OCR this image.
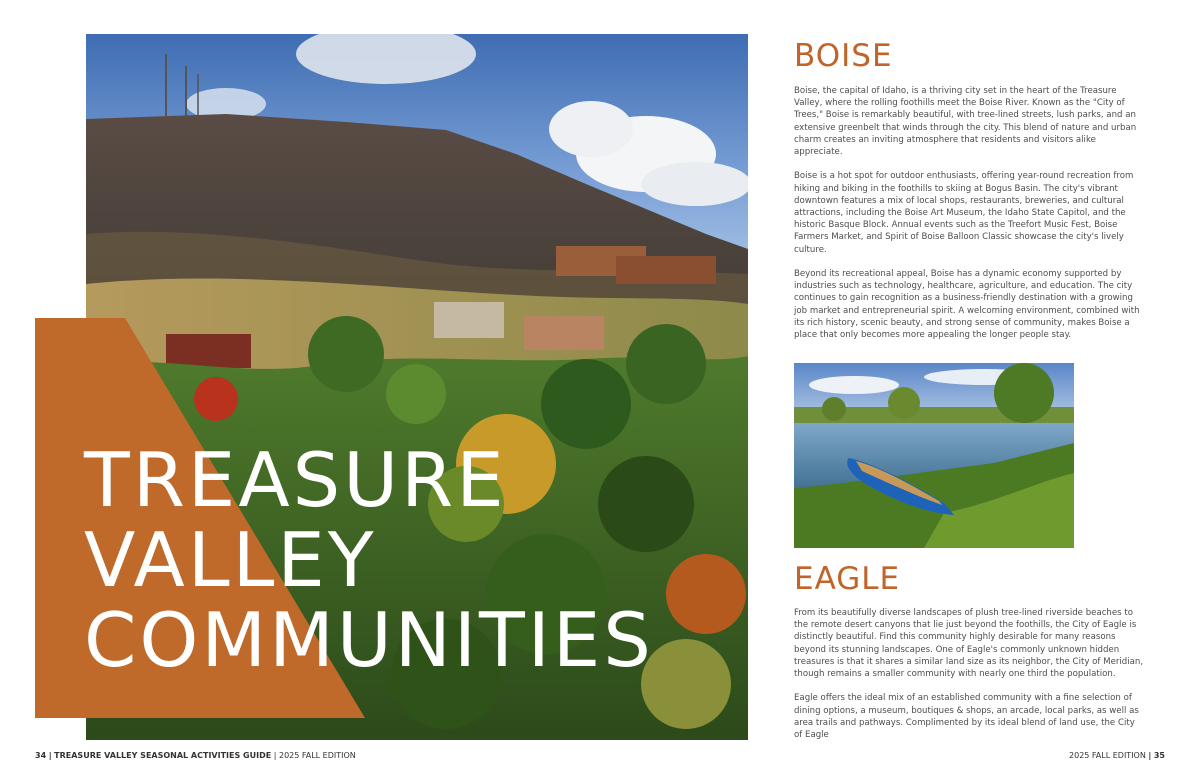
TREASURE
VALLEY
COMMUNITIES
BOISE

Boise, the capital of Idaho, is a thriving city set in the heart of the Treasure Valley, where the rolling foothills meet the Boise River. Known as the "City of Trees," Boise is remarkably beautiful, with tree-lined streets, lush parks, and an extensive greenbelt that winds through the city. This blend of nature and urban charm creates an inviting atmosphere that residents and visitors alike appreciate.

Boise is a hot spot for outdoor enthusiasts, offering year-round recreation from hiking and biking in the foothills to skiing at Bogus Basin. The city's vibrant downtown features a mix of local shops, restaurants, breweries, and cultural attractions, including the Boise Art Museum, the Idaho State Capitol, and the historic Basque Block. Annual events such as the Treefort Music Fest, Boise Farmers Market, and Spirit of Boise Balloon Classic showcase the city's lively culture.

Beyond its recreational appeal, Boise has a dynamic economy supported by industries such as technology, healthcare, agriculture, and education. The city continues to gain recognition as a business-friendly destination with a growing job market and entrepreneurial spirit. A welcoming environment, combined with its rich history, scenic beauty, and strong sense of community, makes Boise a place that only becomes more appealing the longer people stay.

EAGLE

From its beautifully diverse landscapes of plush tree-lined riverside beaches to the remote desert canyons that lie just beyond the foothills, the City of Eagle is distinctly beautiful. Find this community highly desirable for many reasons beyond its stunning landscapes. One of Eagle's commonly unknown hidden treasures is that it shares a similar land size as its neighbor, the City of Meridian, though remains a smaller community with nearly one third the population.

Eagle offers the ideal mix of an established community with a fine selection of dining options, a museum, boutiques & shops, an arcade, local parks, as well as area trails and pathways. Complimented by its ideal blend of land use, the City of Eagle

34 | TREASURE VALLEY SEASONAL ACTIVITIES GUIDE | 2025 FALL EDITION	2025 FALL EDITION | 35
